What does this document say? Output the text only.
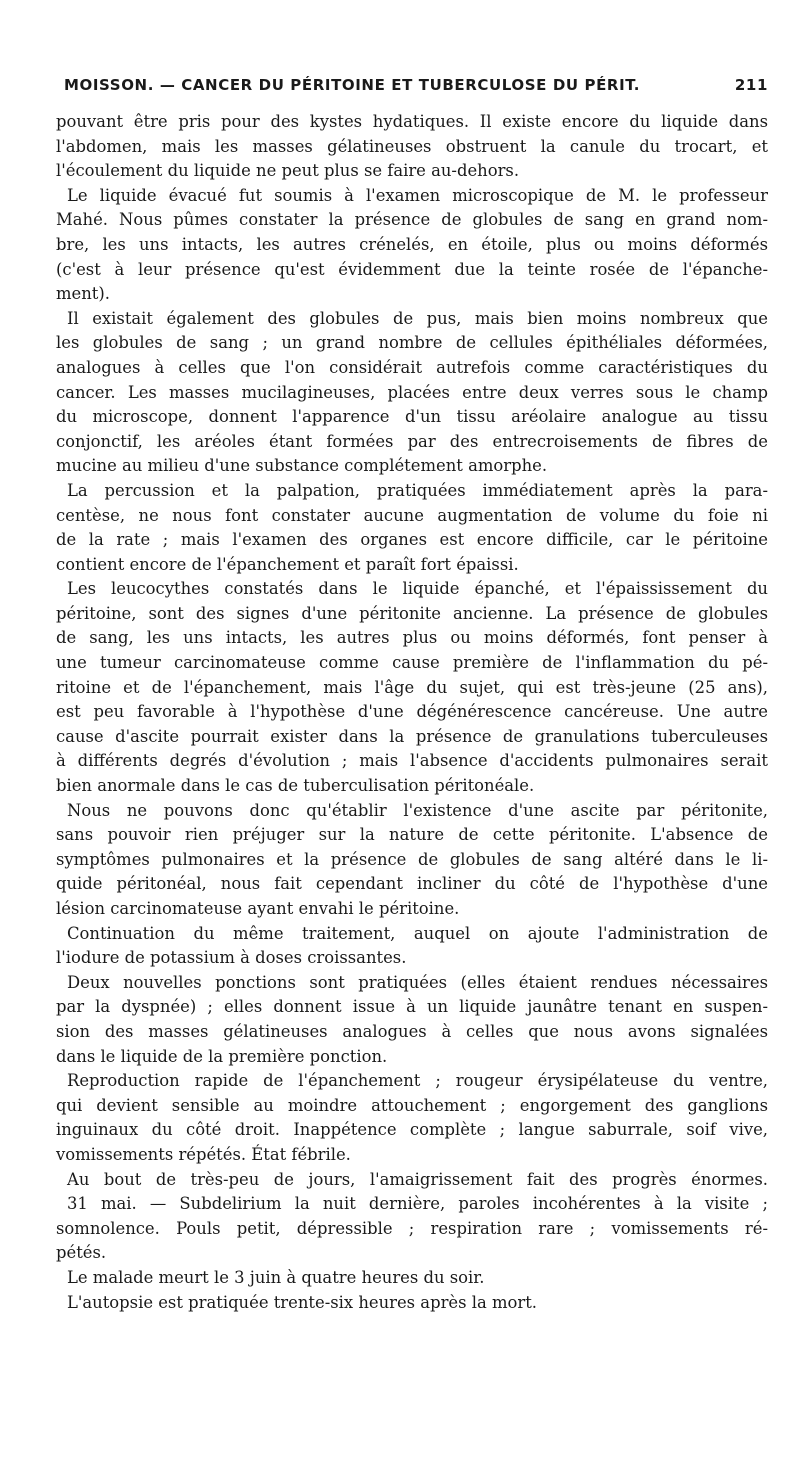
MOISSON. — CANCER DU PÉRITOINE ET TUBERCULOSE DU PÉRIT.	211
pouvant être pris pour des kystes hydatiques. Il existe encore du liquide dans
l'abdomen, mais les masses gélatineuses obstruent la canule du trocart, et
l'écoulement du liquide ne peut plus se faire au-dehors.
Le liquide évacué fut soumis à l'examen microscopique de M. le professeur
Mahé. Nous pûmes constater la présence de globules de sang en grand nom-
bre, les uns intacts, les autres crénelés, en étoile, plus ou moins déformés
(c'est à leur présence qu'est évidemment due la teinte rosée de l'épanche-
ment).
Il existait également des globules de pus, mais bien moins nombreux que
les globules de sang ; un grand nombre de cellules épithéliales déformées,
analogues à celles que l'on considérait autrefois comme caractéristiques du
cancer. Les masses mucilagineuses, placées entre deux verres sous le champ
du microscope, donnent l'apparence d'un tissu aréolaire analogue au tissu
conjonctif, les aréoles étant formées par des entrecroisements de fibres de
mucine au milieu d'une substance complétement amorphe.
La percussion et la palpation, pratiquées immédiatement après la para-
centèse, ne nous font constater aucune augmentation de volume du foie ni
de la rate ; mais l'examen des organes est encore difficile, car le péritoine
contient encore de l'épanchement et paraît fort épaissi.
Les leucocythes constatés dans le liquide épanché, et l'épaississement du
péritoine, sont des signes d'une péritonite ancienne. La présence de globules
de sang, les uns intacts, les autres plus ou moins déformés, font penser à
une tumeur carcinomateuse comme cause première de l'inflammation du pé-
ritoine et de l'épanchement, mais l'âge du sujet, qui est très-jeune (25 ans),
est peu favorable à l'hypothèse d'une dégénérescence cancéreuse. Une autre
cause d'ascite pourrait exister dans la présence de granulations tuberculeuses
à différents degrés d'évolution ; mais l'absence d'accidents pulmonaires serait
bien anormale dans le cas de tuberculisation péritonéale.
Nous ne pouvons donc qu'établir l'existence d'une ascite par péritonite,
sans pouvoir rien préjuger sur la nature de cette péritonite. L'absence de
symptômes pulmonaires et la présence de globules de sang altéré dans le li-
quide péritonéal, nous fait cependant incliner du côté de l'hypothèse d'une
lésion carcinomateuse ayant envahi le péritoine.
Continuation du même traitement, auquel on ajoute l'administration de
l'iodure de potassium à doses croissantes.
Deux nouvelles ponctions sont pratiquées (elles étaient rendues nécessaires
par la dyspnée) ; elles donnent issue à un liquide jaunâtre tenant en suspen-
sion des masses gélatineuses analogues à celles que nous avons signalées
dans le liquide de la première ponction.
Reproduction rapide de l'épanchement ; rougeur érysipélateuse du ventre,
qui devient sensible au moindre attouchement ; engorgement des ganglions
inguinaux du côté droit. Inappétence complète ; langue saburrale, soif vive,
vomissements répétés. État fébrile.
Au bout de très-peu de jours, l'amaigrissement fait des progrès énormes.
31 mai. — Subdelirium la nuit dernière, paroles incohérentes à la visite ;
somnolence. Pouls petit, dépressible ; respiration rare ; vomissements ré-
pétés.
Le malade meurt le 3 juin à quatre heures du soir.
L'autopsie est pratiquée trente-six heures après la mort.
